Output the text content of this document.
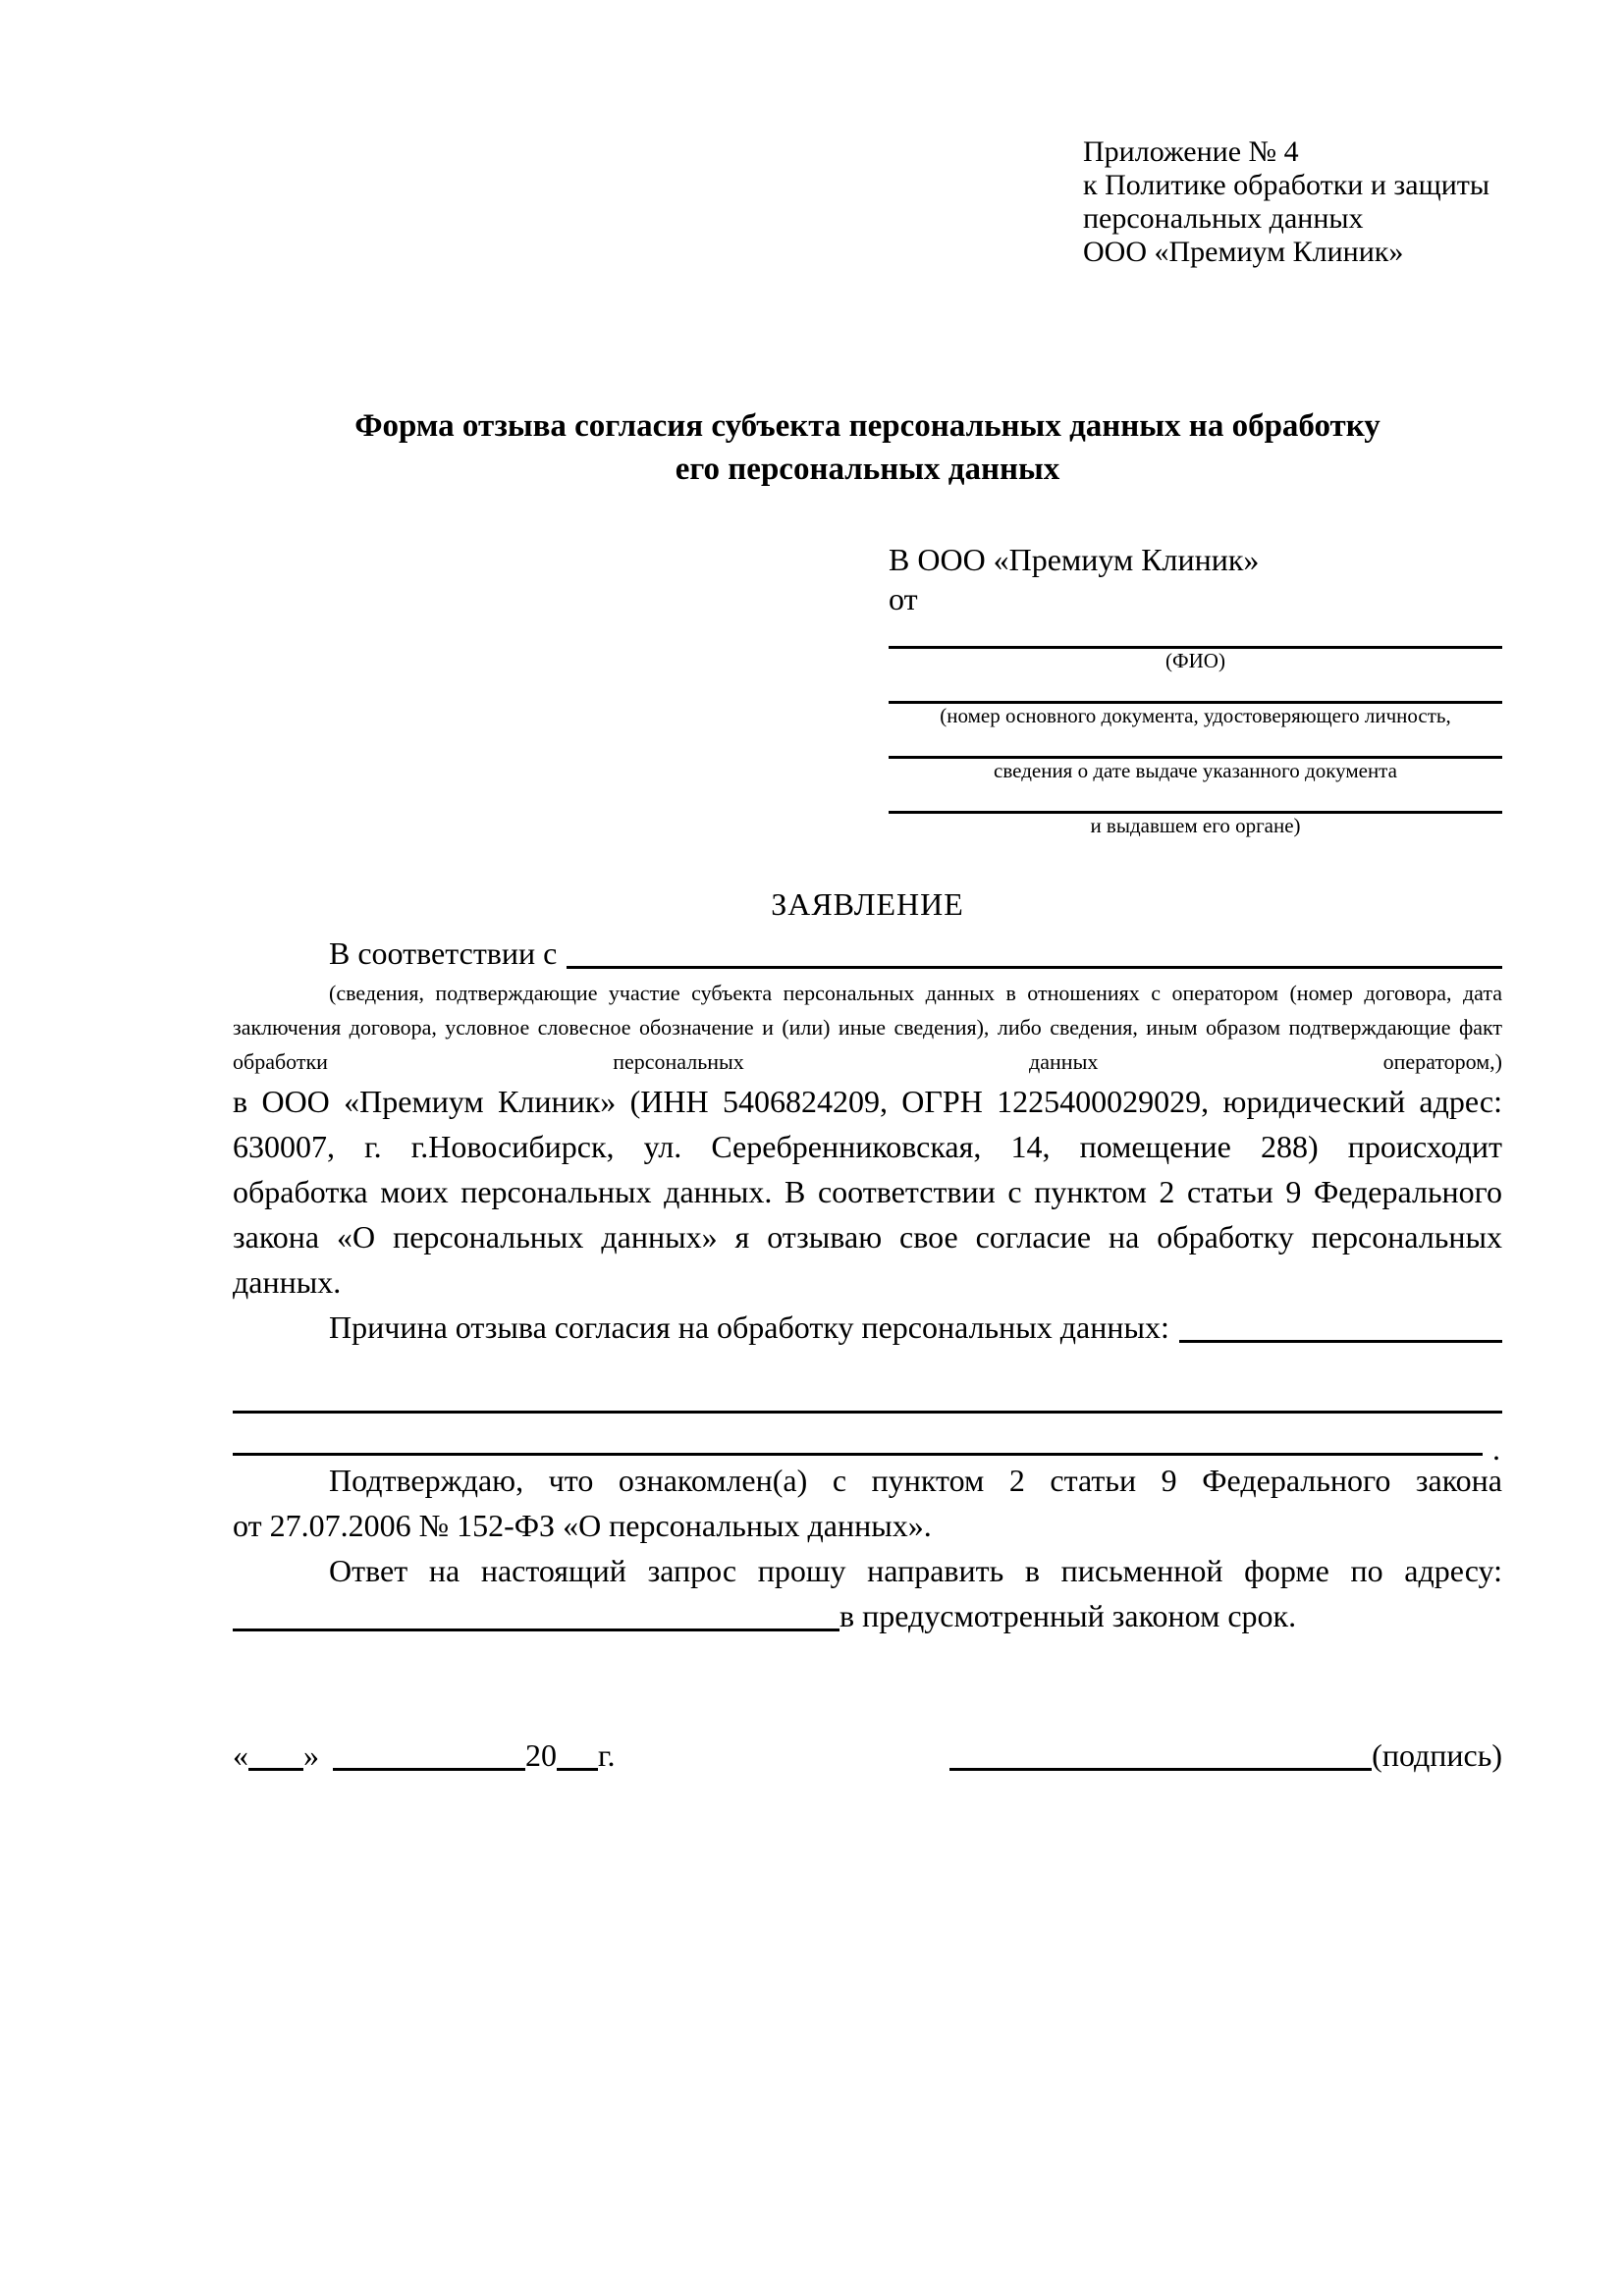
Приложение № 4
к Политике обработки и защиты
персональных данных
ООО «Премиум Клиник»
Форма отзыва согласия субъекта персональных данных на обработку
его персональных данных
В ООО «Премиум Клиник»
от
(ФИО)
(номер основного документа, удостоверяющего личность,
сведения о дате выдаче указанного документа
и выдавшем его органе)
ЗАЯВЛЕНИЕ
В соответствии с
(сведения, подтверждающие участие субъекта персональных данных в отношениях с оператором (номер договора, дата
заключения договора, условное словесное обозначение и (или) иные сведения), либо сведения, иным образом подтверждающие факт
обработки персональных данных оператором,)
в ООО «Премиум Клиник» (ИНН 5406824209, ОГРН 1225400029029, юридический адрес:
630007, г. г.Новосибирск, ул. Серебренниковская, 14, помещение 288) происходит
обработка моих персональных данных. В соответствии с пунктом 2 статьи 9 Федерального
закона «О персональных данных» я отзываю свое согласие на обработку персональных
данных.
Причина отзыва согласия на обработку персональных данных:
.
Подтверждаю, что ознакомлен(а) с пунктом 2 статьи 9 Федерального закона
от 27.07.2006 № 152-ФЗ «О персональных данных».
Ответ на настоящий запрос прошу направить в письменной форме по адресу:
в предусмотренный законом срок.
« »	20 г.	(подпись)
